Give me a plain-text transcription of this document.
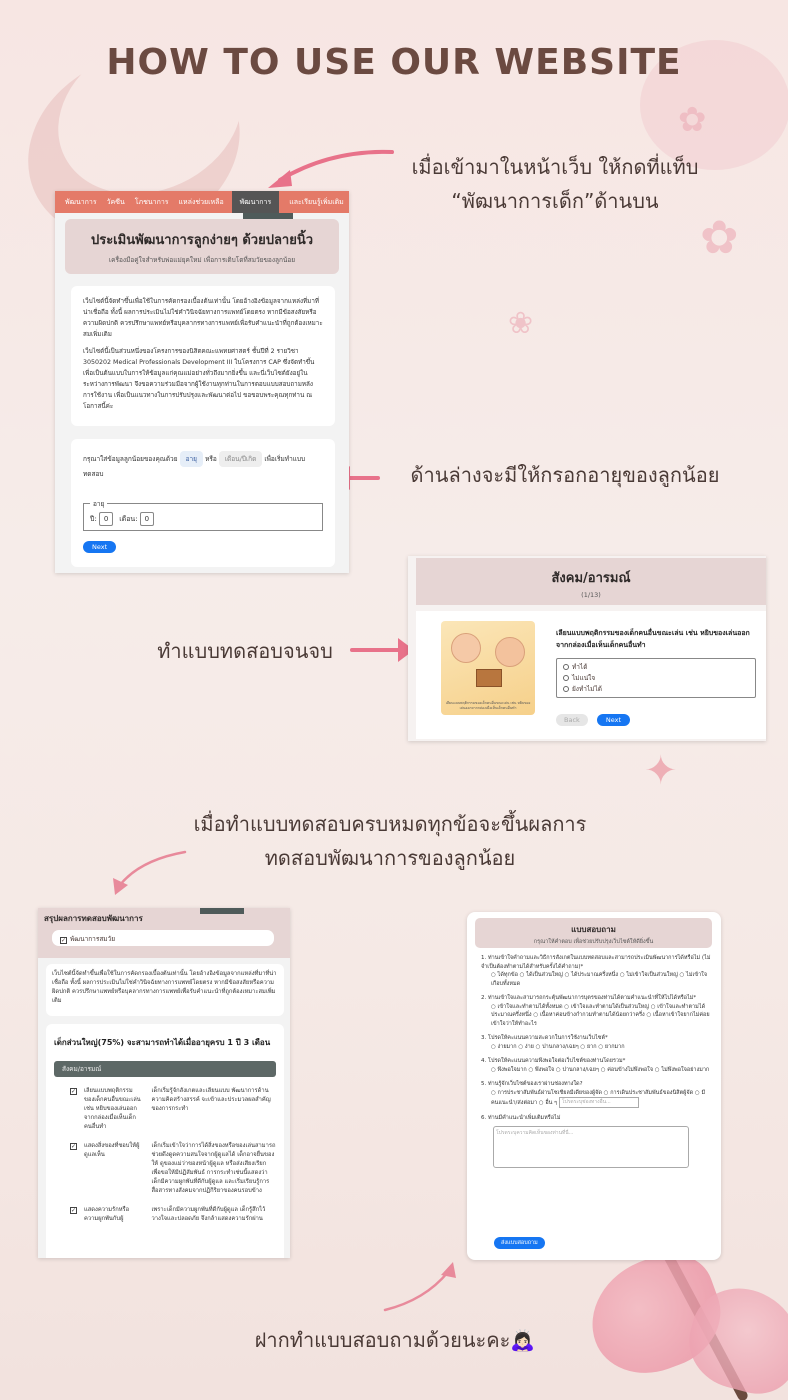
✿
✿
❀
✦
HOW TO USE OUR WEBSITE
เมื่อเข้ามาในหน้าเว็บ ให้กดที่แท็บ
“พัฒนาการเด็ก”ด้านบน
ด้านล่างจะมีให้กรอกอายุของลูกน้อย
ทำแบบทดสอบจนจบ
เมื่อทำแบบทดสอบครบหมดทุกข้อจะขึ้นผลการ
ทดสอบพัฒนาการของลูกน้อย
ฝากทำแบบสอบถามด้วยนะคะ🙇🏻‍♀️
พัฒนาการ	วัคซีน	โภชนาการ	แหล่งช่วยเหลือ	พัฒนาการ	และเรียนรู้เพิ่มเติม
ประเมินพัฒนาการลูกง่ายๆ ด้วยปลายนิ้ว

เครื่องมือคู่ใจสำหรับพ่อแม่ยุคใหม่ เพื่อการเติบโตที่สมวัยของลูกน้อย

เว็บไซต์นี้จัดทำขึ้นเพื่อใช้ในการคัดกรองเบื้องต้นเท่านั้น โดยอ้างอิงข้อมูลจากแหล่งที่มาที่น่าเชื่อถือ ทั้งนี้ ผลการประเมินไม่ใช่คำวินิจฉัยทางการแพทย์โดยตรง หากมีข้อสงสัยหรือความผิดปกติ ควรปรึกษาแพทย์หรือบุคลากรทางการแพทย์เพื่อรับคำแนะนำที่ถูกต้องเหมาะสมเพิ่มเติม

เว็บไซต์นี้เป็นส่วนหนึ่งของโครงการของนิสิตคณะแพทยศาสตร์ ชั้นปีที่ 2 รายวิชา 3050202 Medical Professionals Development III ในโครงการ CAP ซึ่งจัดทำขึ้นเพื่อเป็นต้นแบบในการให้ข้อมูลแก่คุณแม่อย่างทั่วถึงมากยิ่งขึ้น และนี่เว็บไซต์ยังอยู่ในระหว่างการพัฒนา จึงขอความร่วมมือจากผู้ใช้งานทุกท่านในการตอบแบบสอบถามหลังการใช้งาน เพื่อเป็นแนวทางในการปรับปรุงและพัฒนาต่อไป ขอขอบพระคุณทุกท่าน ณ โอกาสนี้ค่ะ

กรุณาใส่ข้อมูลลูกน้อยของคุณด้วย อายุ หรือ เดือน/ปีเกิด เพื่อเริ่มทำแบบทดสอบ
อายุ
ปี: 0 เดือน: 0
Next
สังคม/อารมณ์

(1/13)

เลียนแบบพฤติกรรมของเด็กคนอื่นขณะเล่น เช่น หยิบของเล่นออกจากกล่องเมื่อเห็นเด็กคนอื่นทำ
เลียนแบบพฤติกรรมของเด็กคนอื่นขณะเล่น เช่น หยิบของเล่นออกจากกล่องเมื่อเห็นเด็กคนอื่นทำ
ทำได้
ไม่แน่ใจ
ยังทำไม่ได้
Back	Next
สรุปผลการทดสอบพัฒนาการ
✓ พัฒนาการสมวัย
เว็บไซต์นี้จัดทำขึ้นเพื่อใช้ในการคัดกรองเบื้องต้นเท่านั้น โดยอ้างอิงข้อมูลจากแหล่งที่มาที่น่าเชื่อถือ ทั้งนี้ ผลการประเมินไม่ใช่คำวินิจฉัยทางการแพทย์โดยตรง หากมีข้อสงสัยหรือความผิดปกติ ควรปรึกษาแพทย์หรือบุคลากรทางการแพทย์เพื่อรับคำแนะนำที่ถูกต้องเหมาะสมเพิ่มเติม
เด็กส่วนใหญ่(75%) จะสามารถทำได้เมื่ออายุครบ 1 ปี 3 เดือน
สังคม/อารมณ์
✓ เลียนแบบพฤติกรรมของเด็กคนอื่นขณะเล่น เช่น หยิบของเล่นออกจากกล่องเมื่อเห็นเด็กคนอื่นทำ
เด็กเริ่มรู้จักสังเกตและเลียนแบบ พัฒนาการด้านความคิดสร้างสรรค์ จะเข้าและประมวลผลสำคัญของการกระทำ
✓ แสดงสิ่งของที่ชอบให้ผู้ดูแลเห็น
เด็กเริ่มเข้าใจว่าการได้สิ่งของหรือของเล่นสามารถช่วยดึงดูดความสนใจจากผู้ดูแลได้ เด็กอาจยื่นของให้ ดูของแม่ว่าของหน้าผู้ดูแล หรือส่งเสียงเรียก เพื่อขอให้มีปฏิสัมพันธ์ การกระทำเช่นนี้แสดงว่าเด็กมีความผูกพันที่ดีกับผู้ดูแล และเริ่มเรียนรู้การสื่อสารทางสังคมจากปฏิกิริยาของคนรอบข้าง
✓ แสดงความรักหรือความผูกพันกับผู้
เพราะเด็กมีความผูกพันที่ดีกับผู้ดูแล เด็กรู้สึกไว้วางใจและปลอดภัย จึงกล้าแสดงความรักผ่าน
แบบสอบถาม

กรุณาให้คำตอบ เพื่อช่วยปรับปรุงเว็บไซต์ให้ดียิ่งขึ้น

1. ท่านเข้าใจคำถามและวิธีการสังเกตในแบบทดสอบและสามารถประเมินพัฒนาการได้หรือไม่ (ไม่จำเป็นต้องทำตามได้สำหรับครั้งได้คำถาม)*
○ ได้ทุกข้อ ○ ได้เป็นส่วนใหญ่ ○ ได้ประมาณครึ่งหนึ่ง ○ ไม่เข้าใจเป็นส่วนใหญ่ ○ ไม่เข้าใจเกือบทั้งหมด
2. ท่านเข้าใจและสามารถกระตุ้นพัฒนาการบุตรของท่านได้ตามคำแนะนำที่ให้ไปได้หรือไม่*
○ เข้าใจและทำตามได้ทั้งหมด ○ เข้าใจและทำตามได้เป็นส่วนใหญ่ ○ เข้าใจและทำตามได้ประมาณครึ่งหนึ่ง ○ เนื้อหาค่อนข้างกำกวมทำตามได้น้อยกว่าครึ่ง ○ เนื้อหาเข้าใจยากไม่ค่อยเข้าใจว่าให้ทำอะไร
3. โปรดให้คะแนนความสะดวกในการใช้งานเว็บไซต์*
○ ง่ายมาก ○ ง่าย ○ ปานกลาง/เฉยๆ ○ ยาก ○ ยากมาก
4. โปรดให้คะแนนความพึงพอใจต่อเว็บไซต์ของท่านโดยรวม*
○ พึงพอใจมาก ○ พึงพอใจ ○ ปานกลาง/เฉยๆ ○ ค่อนข้างไม่พึงพอใจ ○ ไม่พึงพอใจอย่างมาก
5. ท่านรู้จักเว็บไซต์ของเราผ่านช่องทางใด?
○ การประชาสัมพันธ์ผ่านโซเชียลมีเดียของผู้จัด ○ การเดินประชาสัมพันธ์ของนิสิตผู้จัด ○ มีคนแนะนำ/ส่งต่อมา ○ อื่น ๆ โปรดระบุช่องทางอื่น...
6. ท่านมีคำแนะนำเพิ่มเติมหรือไม่
โปรดระบุความคิดเห็นของท่านที่นี่...
ส่งแบบสอบถาม
